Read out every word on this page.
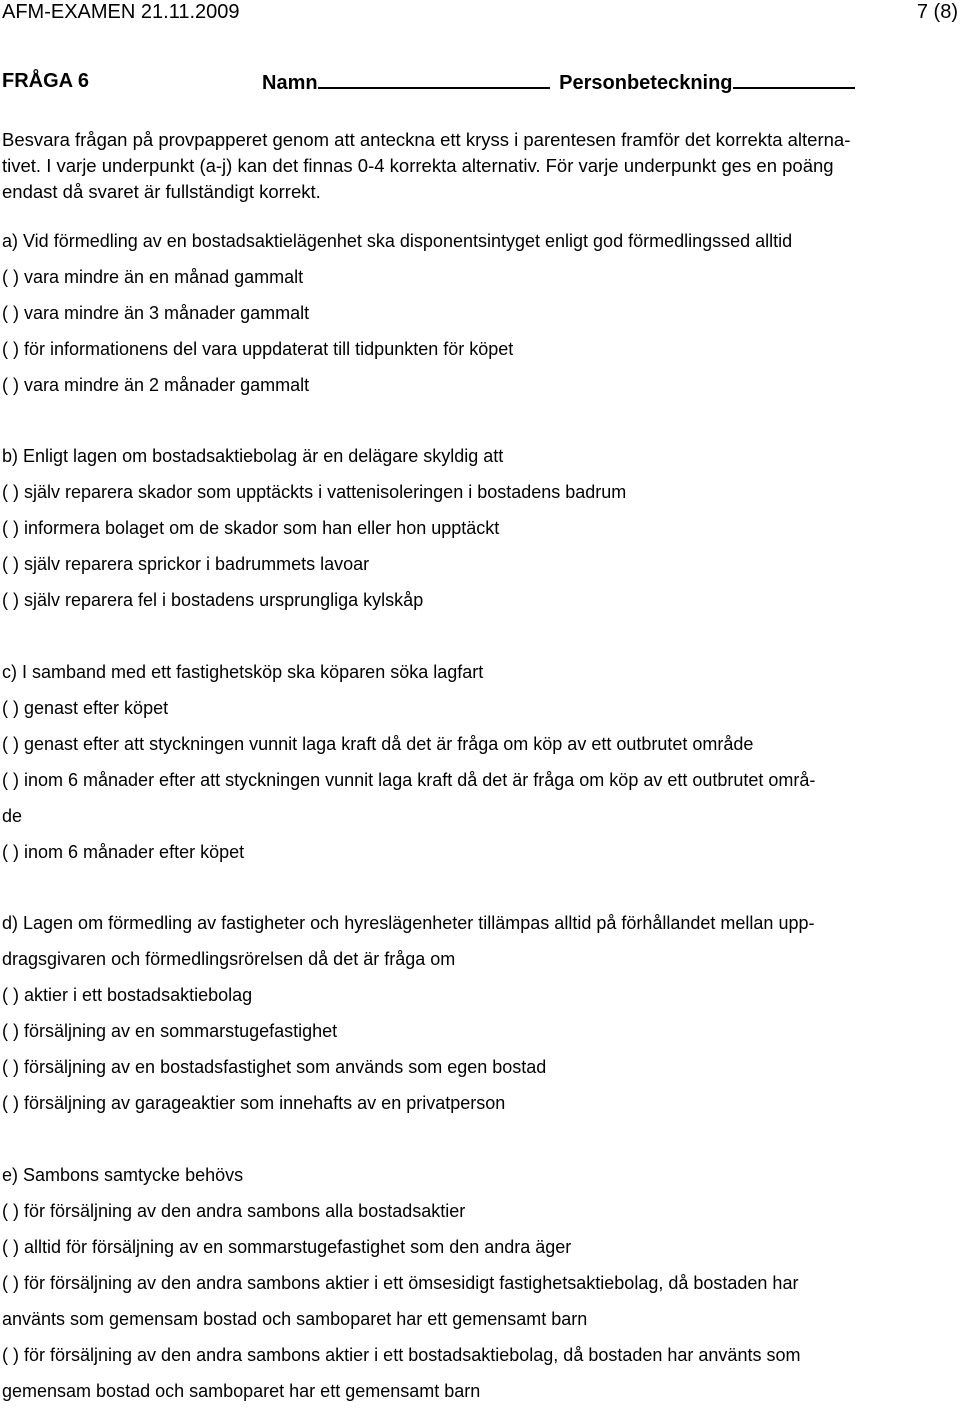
AFM-EXAMEN 21.11.2009	7 (8)
FRÅGA 6	Namn	Personbeteckning
Besvara frågan på provpapperet genom att anteckna ett kryss i parentesen framför det korrekta alterna-
tivet. I varje underpunkt (a-j) kan det finnas 0-4 korrekta alternativ. För varje underpunkt ges en poäng
endast då svaret är fullständigt korrekt.
a) Vid förmedling av en bostadsaktielägenhet ska disponentsintyget enligt god förmedlingssed alltid
( ) vara mindre än en månad gammalt
( ) vara mindre än 3 månader gammalt
( ) för informationens del vara uppdaterat till tidpunkten för köpet
( ) vara mindre än 2 månader gammalt
b) Enligt lagen om bostadsaktiebolag är en delägare skyldig att
( ) själv reparera skador som upptäckts i vattenisoleringen i bostadens badrum
( ) informera bolaget om de skador som han eller hon upptäckt
( ) själv reparera sprickor i badrummets lavoar
( ) själv reparera fel i bostadens ursprungliga kylskåp
c) I samband med ett fastighetsköp ska köparen söka lagfart
( ) genast efter köpet
( ) genast efter att styckningen vunnit laga kraft då det är fråga om köp av ett outbrutet område
( ) inom 6 månader efter att styckningen vunnit laga kraft då det är fråga om köp av ett outbrutet områ-
de
( ) inom 6 månader efter köpet
d) Lagen om förmedling av fastigheter och hyreslägenheter tillämpas alltid på förhållandet mellan upp-
dragsgivaren och förmedlingsrörelsen då det är fråga om
( ) aktier i ett bostadsaktiebolag
( ) försäljning av en sommarstugefastighet
( ) försäljning av en bostadsfastighet som används som egen bostad
( ) försäljning av garageaktier som innehafts av en privatperson
e) Sambons samtycke behövs
( ) för försäljning av den andra sambons alla bostadsaktier
( ) alltid för försäljning av en sommarstugefastighet som den andra äger
( ) för försäljning av den andra sambons aktier i ett ömsesidigt fastighetsaktiebolag, då bostaden har
använts som gemensam bostad och samboparet har ett gemensamt barn
( ) för försäljning av den andra sambons aktier i ett bostadsaktiebolag, då bostaden har använts som
gemensam bostad och samboparet har ett gemensamt barn
